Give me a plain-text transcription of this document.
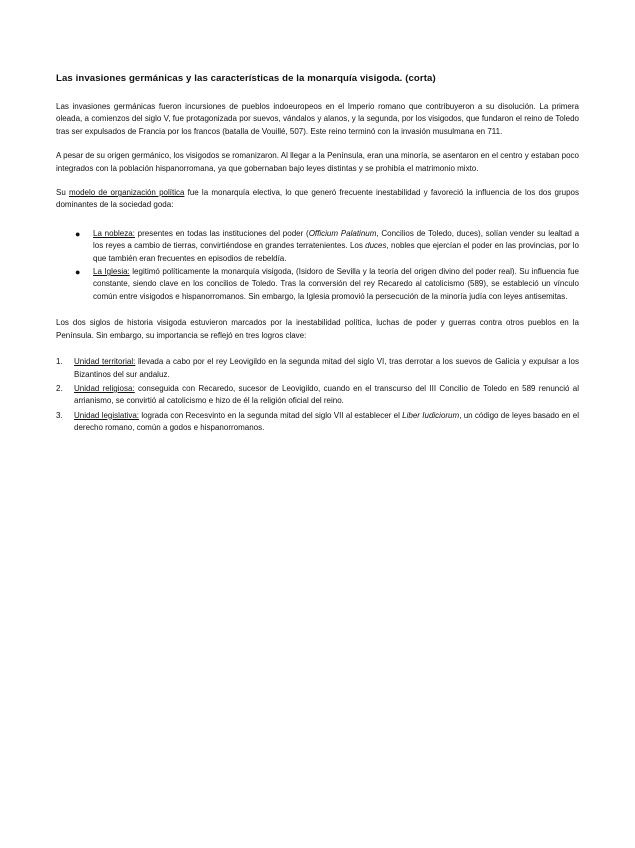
Las invasiones germánicas y las características de la monarquía visigoda. (corta)

Las invasiones germánicas fueron incursiones de pueblos indoeuropeos en el Imperio romano que contribuyeron a su disolución. La primera oleada, a comienzos del siglo V, fue protagonizada por suevos, vándalos y alanos, y la segunda, por los visigodos, que fundaron el reino de Toledo tras ser expulsados de Francia por los francos (batalla de Vouillé, 507). Este reino terminó con la invasión musulmana en 711.

A pesar de su origen germánico, los visigodos se romanizaron. Al llegar a la Península, eran una minoría, se asentaron en el centro y estaban poco integrados con la población hispanorromana, ya que gobernaban bajo leyes distintas y se prohibía el matrimonio mixto.

Su modelo de organización política fue la monarquía electiva, lo que generó frecuente inestabilidad y favoreció la influencia de los dos grupos dominantes de la sociedad goda:

● La nobleza: presentes en todas las instituciones del poder (Officium Palatinum, Concilios de Toledo, duces), solían vender su lealtad a los reyes a cambio de tierras, convirtiéndose en grandes terratenientes. Los duces, nobles que ejercían el poder en las provincias, por lo que también eran frecuentes en episodios de rebeldía.
● La Iglesia: legitimó políticamente la monarquía visigoda, (Isidoro de Sevilla y la teoría del origen divino del poder real). Su influencia fue constante, siendo clave en los concilios de Toledo. Tras la conversión del rey Recaredo al catolicismo (589), se estableció un vínculo común entre visigodos e hispanorromanos. Sin embargo, la Iglesia promovió la persecución de la minoría judía con leyes antisemitas.

Los dos siglos de historia visigoda estuvieron marcados por la inestabilidad política, luchas de poder y guerras contra otros pueblos en la Península. Sin embargo, su importancia se reflejó en tres logros clave:

1. Unidad territorial: llevada a cabo por el rey Leovigildo en la segunda mitad del siglo VI, tras derrotar a los suevos de Galicia y expulsar a los Bizantinos del sur andaluz.
2. Unidad religiosa: conseguida con Recaredo, sucesor de Leovigildo, cuando en el transcurso del III Concilio de Toledo en 589 renunció al arrianismo, se convirtió al catolicismo e hizo de él la religión oficial del reino.
3. Unidad legislativa: lograda con Recesvinto en la segunda mitad del siglo VII al establecer el Liber Iudiciorum, un código de leyes basado en el derecho romano, común a godos e hispanorromanos.
